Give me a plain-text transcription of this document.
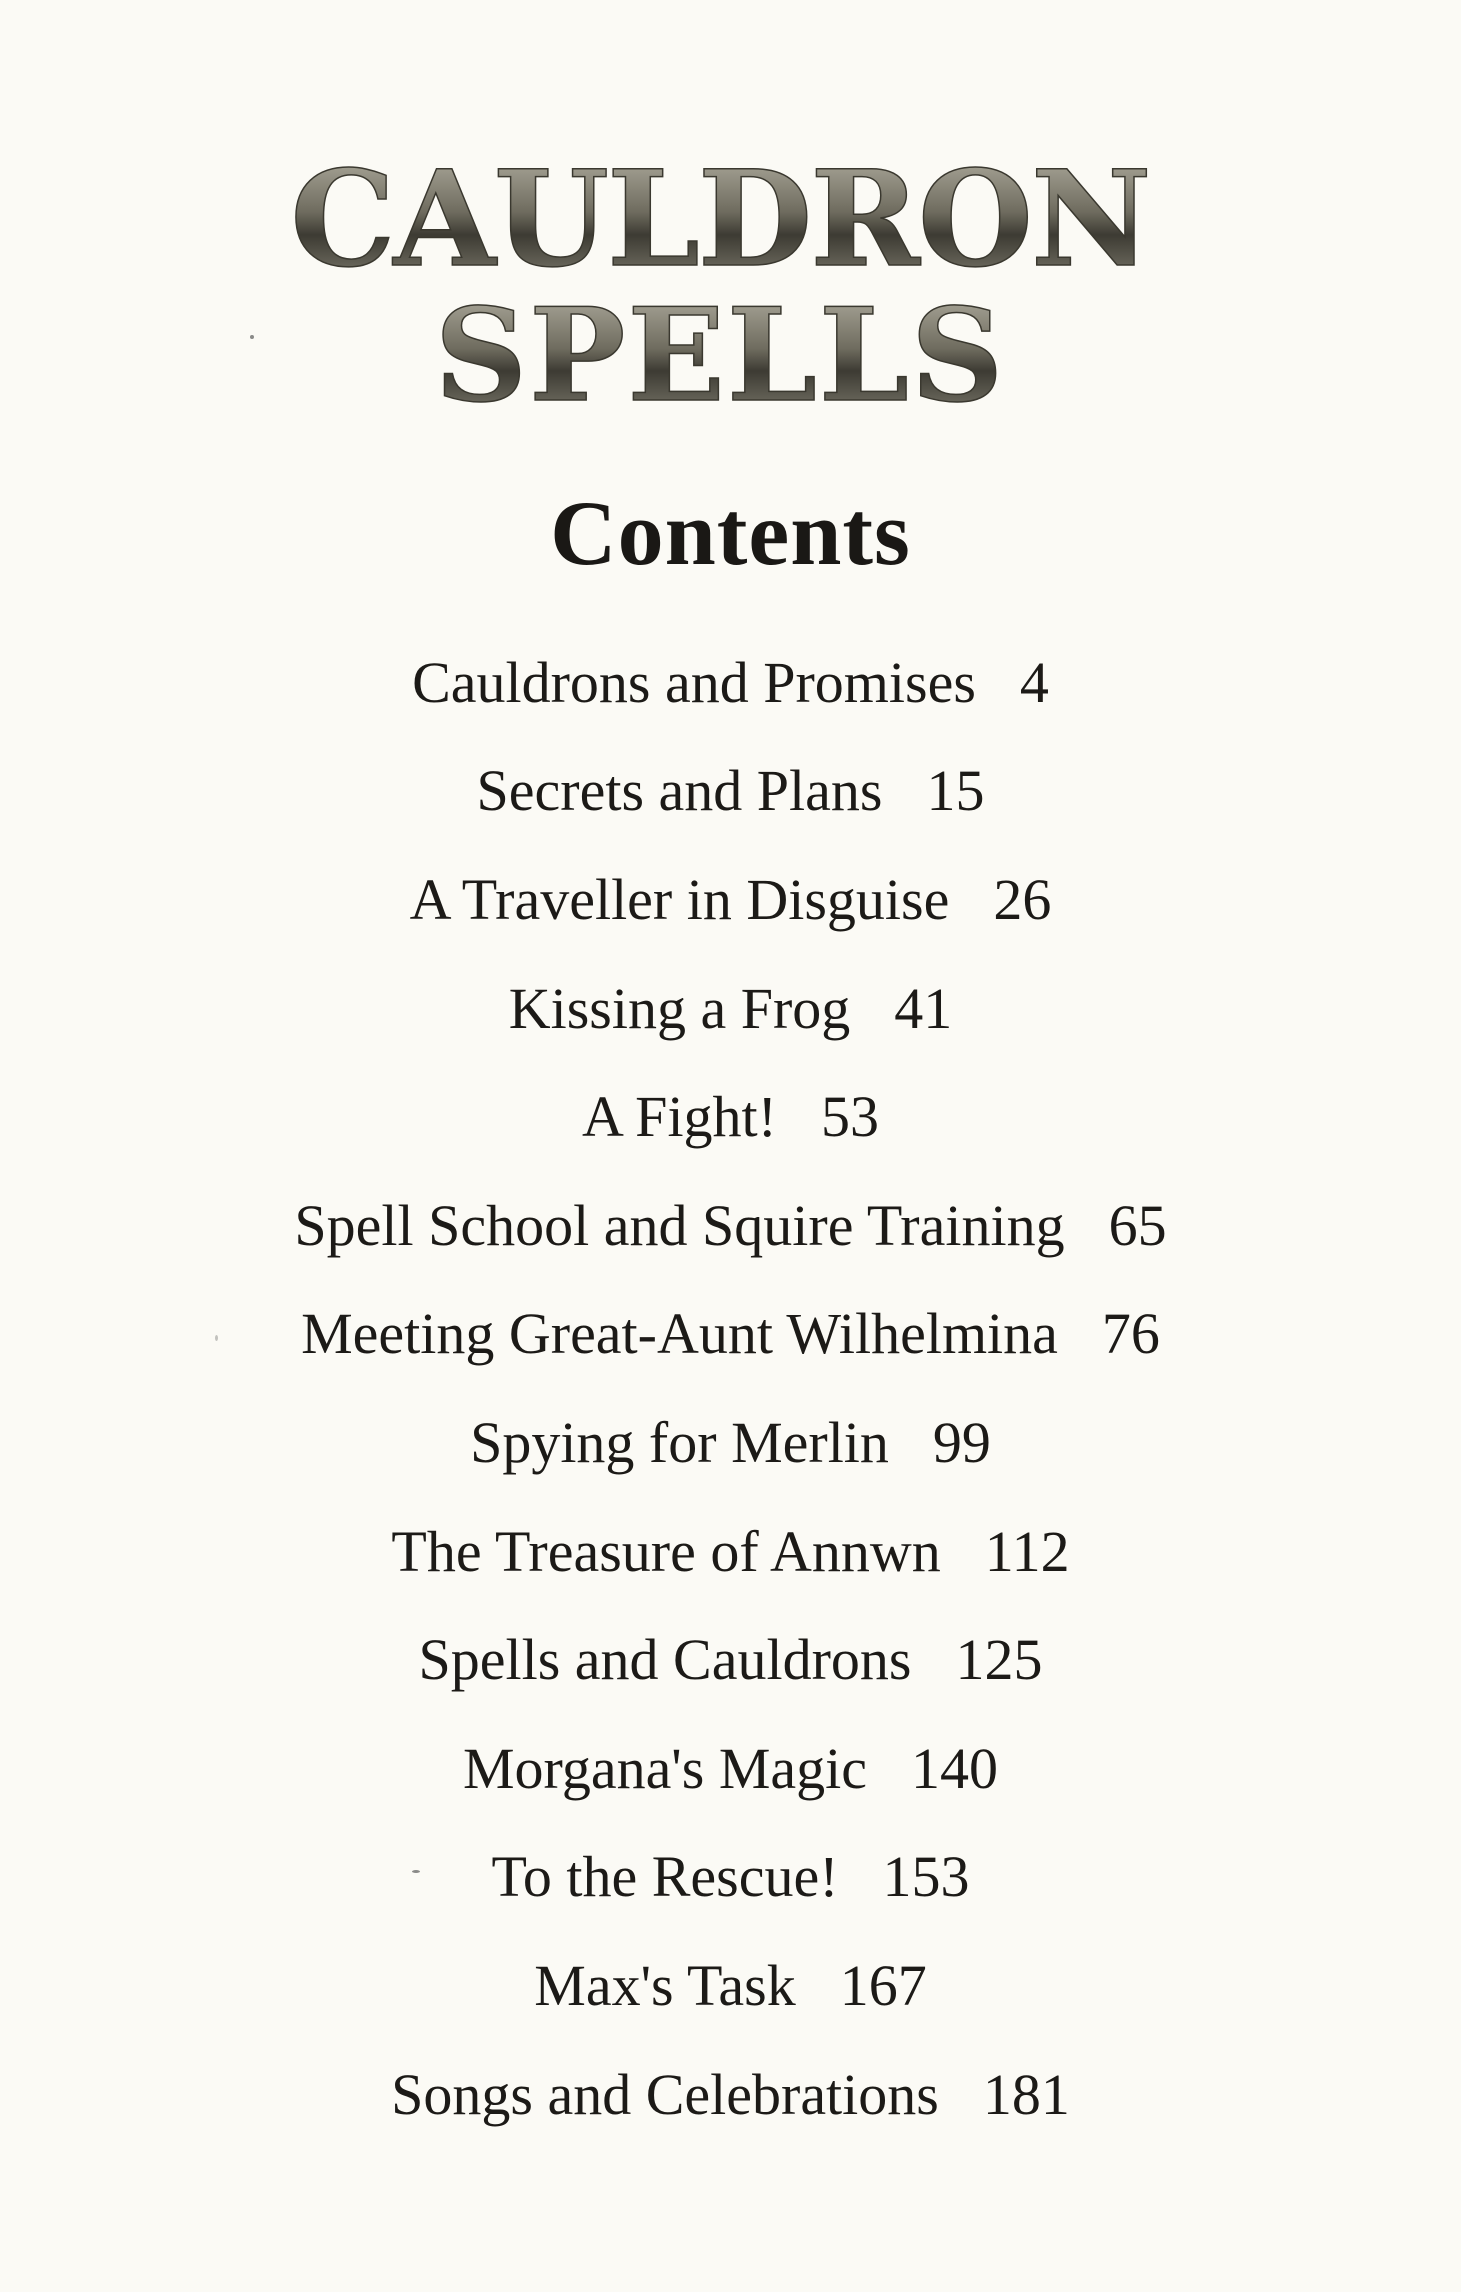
CAULDRON
SPELLS
Contents
Cauldrons and Promises 4
Secrets and Plans 15
A Traveller in Disguise 26
Kissing a Frog 41
A Fight! 53
Spell School and Squire Training 65
Meeting Great-Aunt Wilhelmina 76
Spying for Merlin 99
The Treasure of Annwn 112
Spells and Cauldrons 125
Morgana's Magic 140
To the Rescue! 153
Max's Task 167
Songs and Celebrations 181
